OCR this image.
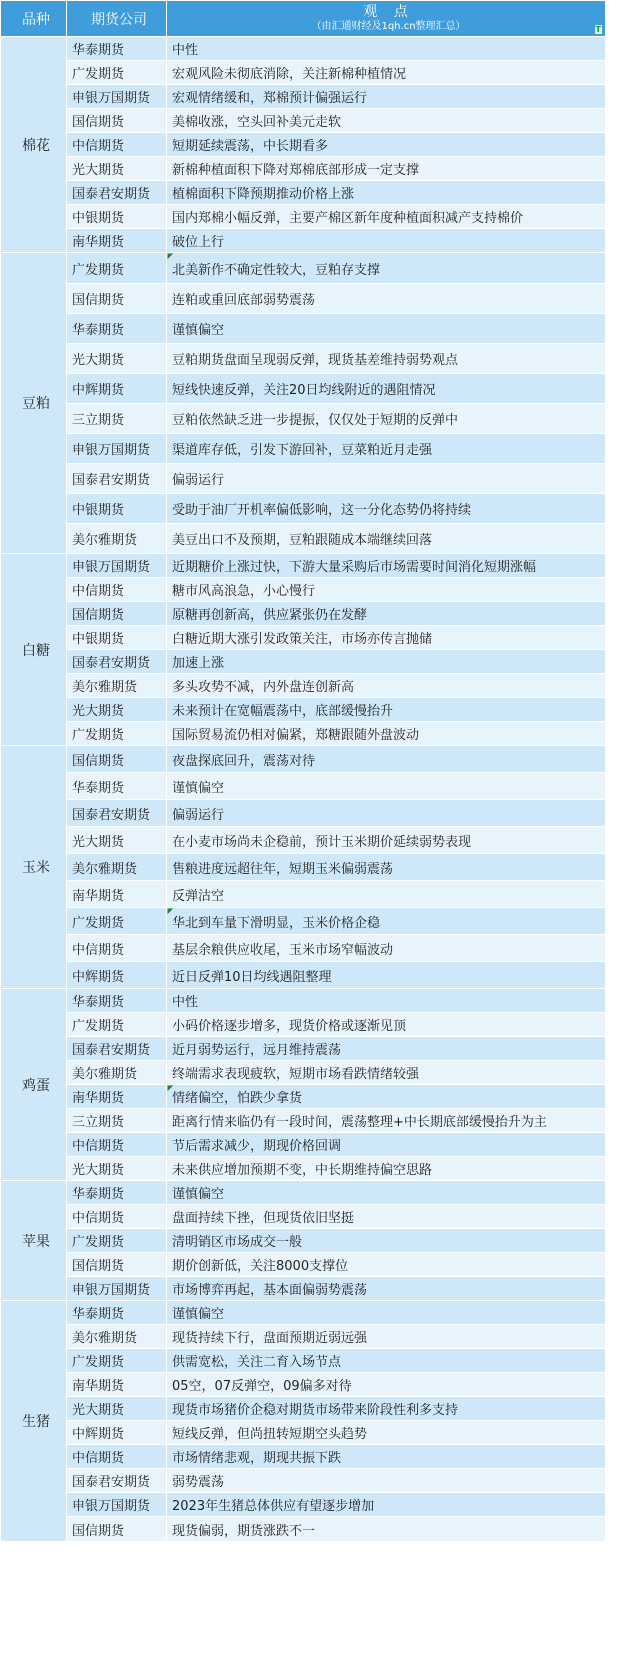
品种	期货公司	观 点
（由汇通财经及1qh.cn整理汇总） T

棉花	华泰期货	中性
	广发期货	宏观风险未彻底消除，关注新棉种植情况
	申银万国期货	宏观情绪缓和，郑棉预计偏强运行
	国信期货	美棉收涨，空头回补美元走软
	中信期货	短期延续震荡，中长期看多
	光大期货	新棉种植面积下降对郑棉底部形成一定支撑
	国泰君安期货	植棉面积下降预期推动价格上涨
	中银期货	国内郑棉小幅反弹，主要产棉区新年度种植面积减产支持棉价
	南华期货	破位上行
豆粕	广发期货	北美新作不确定性较大，豆粕存支撑
	国信期货	连粕或重回底部弱势震荡
	华泰期货	谨慎偏空
	光大期货	豆粕期货盘面呈现弱反弹，现货基差维持弱势观点
	中辉期货	短线快速反弹，关注20日均线附近的遇阻情况
	三立期货	豆粕依然缺乏进一步提振，仅仅处于短期的反弹中
	申银万国期货	渠道库存低，引发下游回补，豆菜粕近月走强
	国泰君安期货	偏弱运行
	中银期货	受助于油厂开机率偏低影响，这一分化态势仍将持续
	美尔雅期货	美豆出口不及预期，豆粕跟随成本端继续回落
白糖	申银万国期货	近期糖价上涨过快，下游大量采购后市场需要时间消化短期涨幅
	中信期货	糖市风高浪急，小心慢行
	国信期货	原糖再创新高，供应紧张仍在发酵
	中银期货	白糖近期大涨引发政策关注，市场亦传言抛储
	国泰君安期货	加速上涨
	美尔雅期货	多头攻势不减，内外盘连创新高
	光大期货	未来预计在宽幅震荡中，底部缓慢抬升
	广发期货	国际贸易流仍相对偏紧，郑糖跟随外盘波动
玉米	国信期货	夜盘探底回升，震荡对待
	华泰期货	谨慎偏空
	国泰君安期货	偏弱运行
	光大期货	在小麦市场尚未企稳前，预计玉米期价延续弱势表现
	美尔雅期货	售粮进度远超往年，短期玉米偏弱震荡
	南华期货	反弹沽空
	广发期货	华北到车量下滑明显，玉米价格企稳
	中信期货	基层余粮供应收尾，玉米市场窄幅波动
	中辉期货	近日反弹10日均线遇阻整理
鸡蛋	华泰期货	中性
	广发期货	小码价格逐步增多，现货价格或逐渐见顶
	国泰君安期货	近月弱势运行，远月维持震荡
	美尔雅期货	终端需求表现疲软，短期市场看跌情绪较强
	南华期货	情绪偏空，怕跌少拿货
	三立期货	距离行情来临仍有一段时间，震荡整理+中长期底部缓慢抬升为主
	中信期货	节后需求减少，期现价格回调
	光大期货	未来供应增加预期不变，中长期维持偏空思路
苹果	华泰期货	谨慎偏空
	中信期货	盘面持续下挫，但现货依旧坚挺
	广发期货	清明销区市场成交一般
	国信期货	期价创新低，关注8000支撑位
	申银万国期货	市场博弈再起，基本面偏弱势震荡
生猪	华泰期货	谨慎偏空
	美尔雅期货	现货持续下行，盘面预期近弱远强
	广发期货	供需宽松，关注二育入场节点
	南华期货	05空，07反弹空，09偏多对待
	光大期货	现货市场猪价企稳对期货市场带来阶段性利多支持
	中辉期货	短线反弹，但尚扭转短期空头趋势
	中信期货	市场情绪悲观，期现共振下跌
	国泰君安期货	弱势震荡
	申银万国期货	2023年生猪总体供应有望逐步增加
	国信期货	现货偏弱，期货涨跌不一
